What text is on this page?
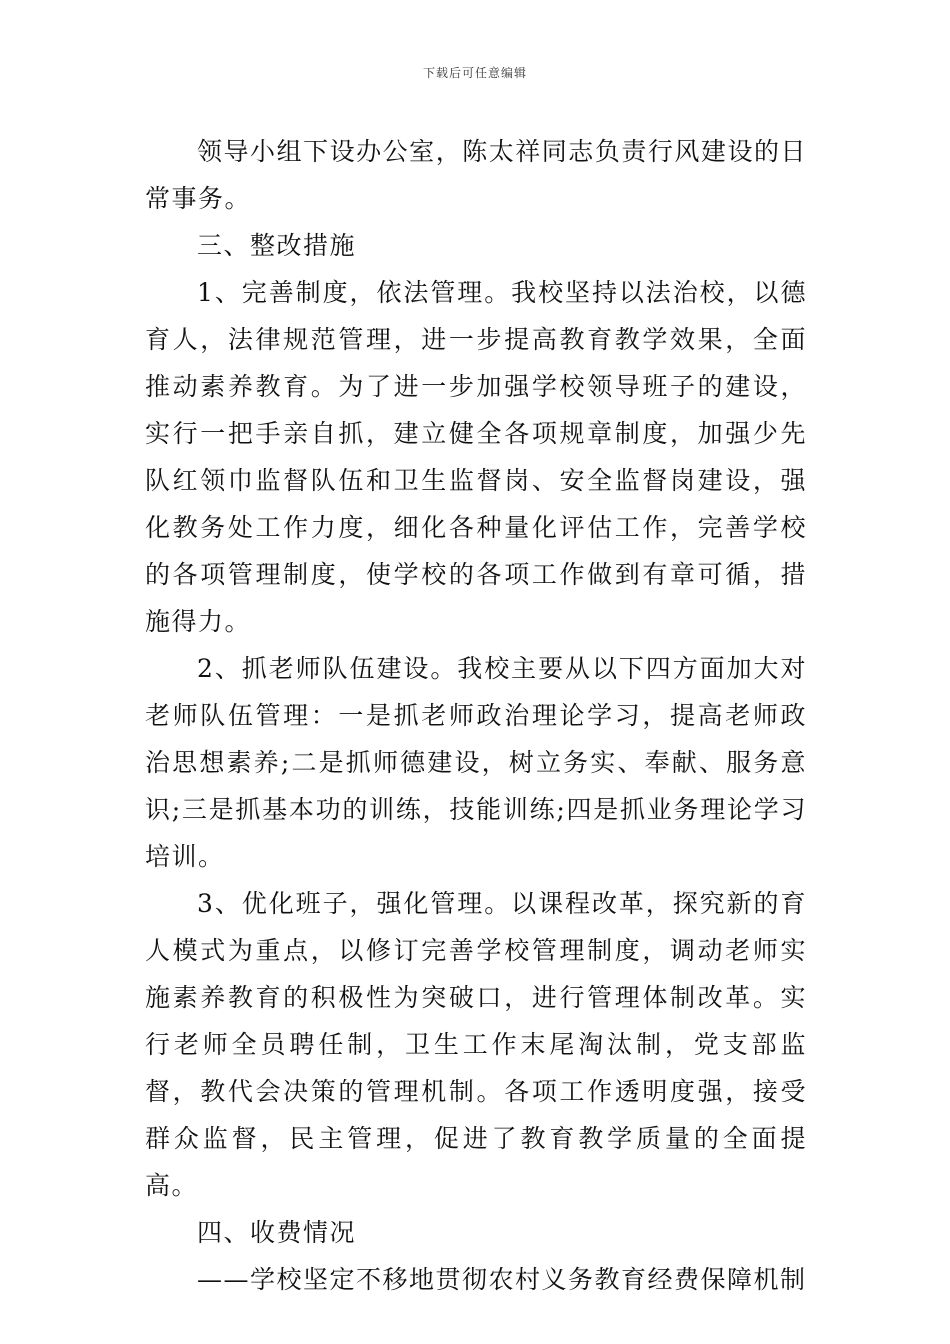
下载后可任意编辑

领导小组下设办公室，陈太祥同志负责行风建设的日常事务。

三、整改措施

1、完善制度，依法管理。我校坚持以法治校，以德育人，法律规范管理，进一步提高教育教学效果，全面推动素养教育。为了进一步加强学校领导班子的建设，实行一把手亲自抓，建立健全各项规章制度，加强少先队红领巾监督队伍和卫生监督岗、安全监督岗建设，强化教务处工作力度，细化各种量化评估工作，完善学校的各项管理制度，使学校的各项工作做到有章可循，措施得力。

2、抓老师队伍建设。我校主要从以下四方面加大对老师队伍管理：一是抓老师政治理论学习，提高老师政治思想素养;二是抓师德建设，树立务实、奉献、服务意识;三是抓基本功的训练，技能训练;四是抓业务理论学习培训。

3、优化班子，强化管理。以课程改革，探究新的育人模式为重点，以修订完善学校管理制度，调动老师实施素养教育的积极性为突破口，进行管理体制改革。实行老师全员聘任制，卫生工作末尾淘汰制，党支部监督，教代会决策的管理机制。各项工作透明度强，接受群众监督，民主管理，促进了教育教学质量的全面提高。

四、收费情况

——学校坚定不移地贯彻农村义务教育经费保障机制
